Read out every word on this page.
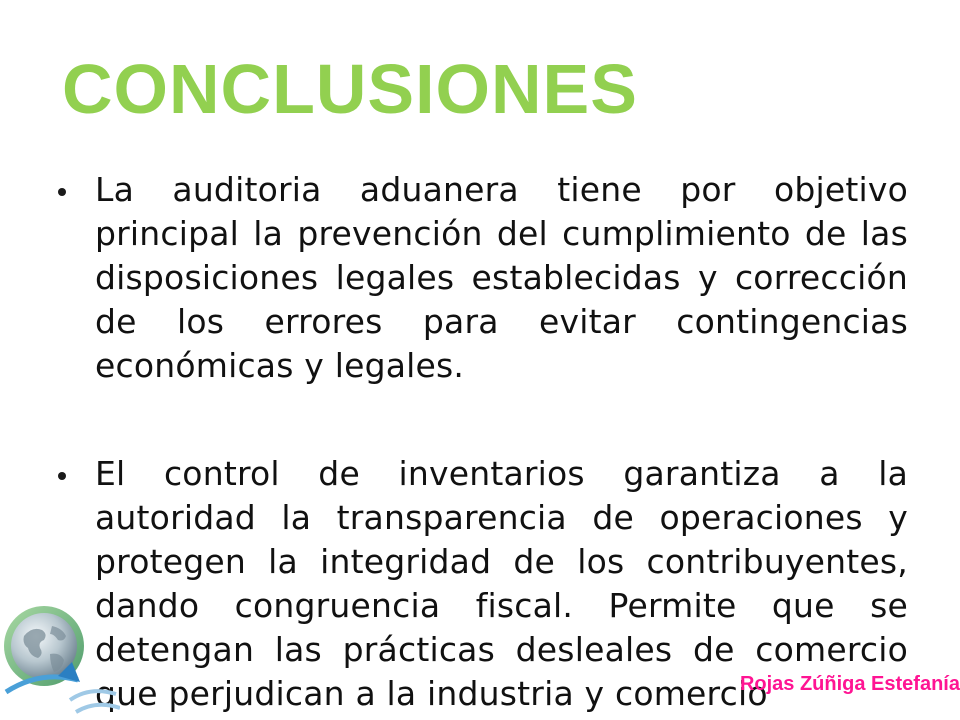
CONCLUSIONES
La auditoria aduanera tiene por objetivo principal la prevención del cumplimiento de las disposiciones legales establecidas y corrección de los errores para evitar contingencias económicas y legales.
El control de inventarios garantiza a la autoridad la transparencia de operaciones y protegen la integridad de los contribuyentes, dando congruencia fiscal. Permite que se detengan las prácticas desleales de comercio que perjudican a la industria y comercio
Rojas Zúñiga Estefanía
